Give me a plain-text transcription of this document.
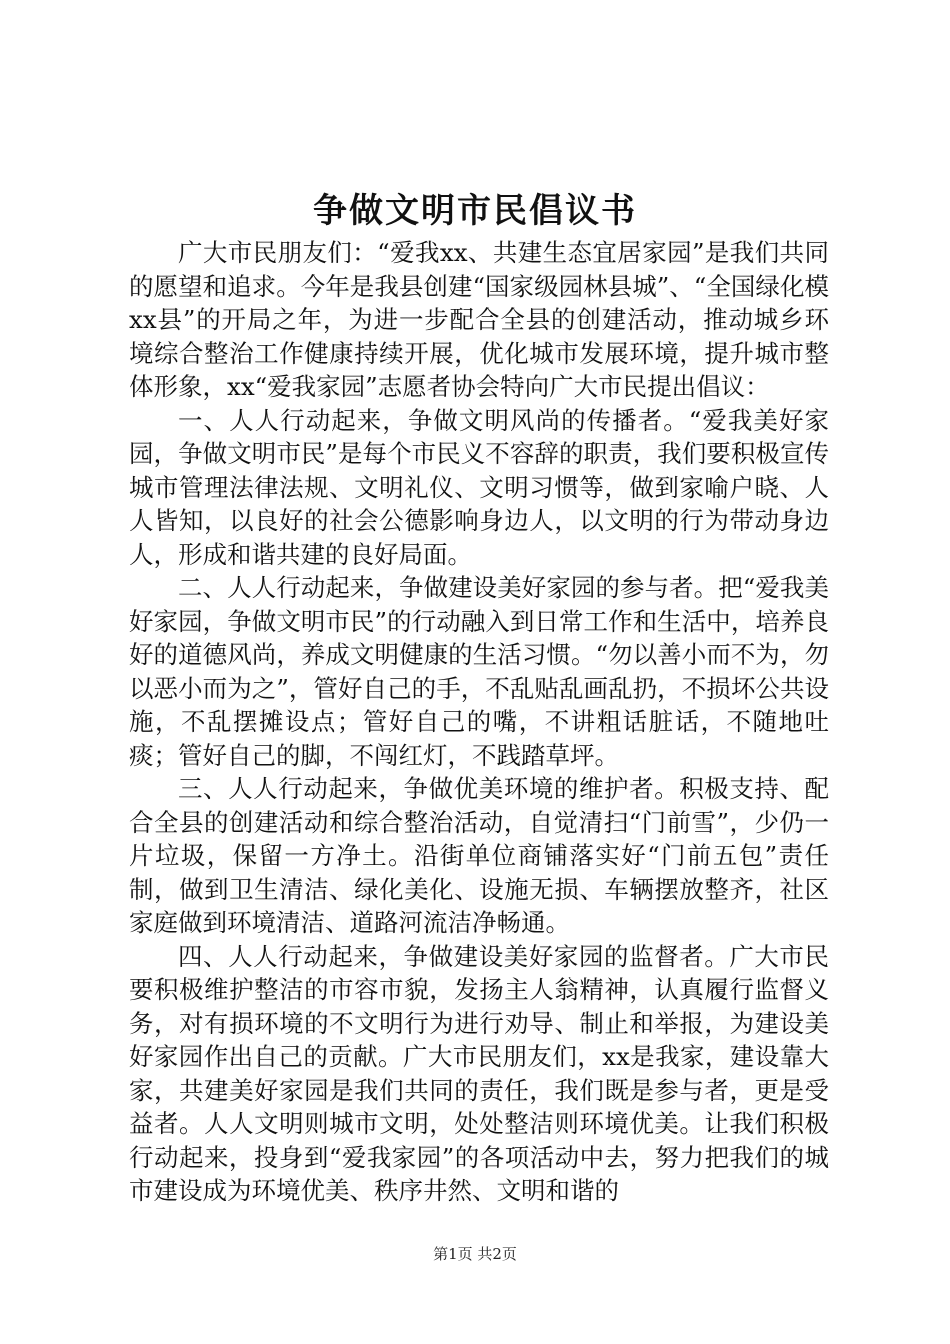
争做文明市民倡议书

广大市民朋友们：“爱我xx、共建生态宜居家园”是我们共同的愿望和追求。今年是我县创建“国家级园林县城”、“全国绿化模xx县”的开局之年，为进一步配合全县的创建活动，推动城乡环境综合整治工作健康持续开展，优化城市发展环境，提升城市整体形象，xx“爱我家园”志愿者协会特向广大市民提出倡议：

一、人人行动起来，争做文明风尚的传播者。“爱我美好家园，争做文明市民”是每个市民义不容辞的职责，我们要积极宣传城市管理法律法规、文明礼仪、文明习惯等，做到家喻户晓、人人皆知，以良好的社会公德影响身边人，以文明的行为带动身边人，形成和谐共建的良好局面。

二、人人行动起来，争做建设美好家园的参与者。把“爱我美好家园，争做文明市民”的行动融入到日常工作和生活中，培养良好的道德风尚，养成文明健康的生活习惯。“勿以善小而不为，勿以恶小而为之”，管好自己的手，不乱贴乱画乱扔，不损坏公共设施，不乱摆摊设点；管好自己的嘴，不讲粗话脏话，不随地吐痰；管好自己的脚，不闯红灯，不践踏草坪。

三、人人行动起来，争做优美环境的维护者。积极支持、配合全县的创建活动和综合整治活动，自觉清扫“门前雪”，少仍一片垃圾，保留一方净土。沿街单位商铺落实好“门前五包”责任制，做到卫生清洁、绿化美化、设施无损、车辆摆放整齐，社区家庭做到环境清洁、道路河流洁净畅通。

四、人人行动起来，争做建设美好家园的监督者。广大市民要积极维护整洁的市容市貌，发扬主人翁精神，认真履行监督义务，对有损环境的不文明行为进行劝导、制止和举报，为建设美好家园作出自己的贡献。广大市民朋友们，xx是我家，建设靠大家，共建美好家园是我们共同的责任，我们既是参与者，更是受益者。人人文明则城市文明，处处整洁则环境优美。让我们积极行动起来，投身到“爱我家园”的各项活动中去，努力把我们的城市建设成为环境优美、秩序井然、文明和谐的

第1页 共2页
